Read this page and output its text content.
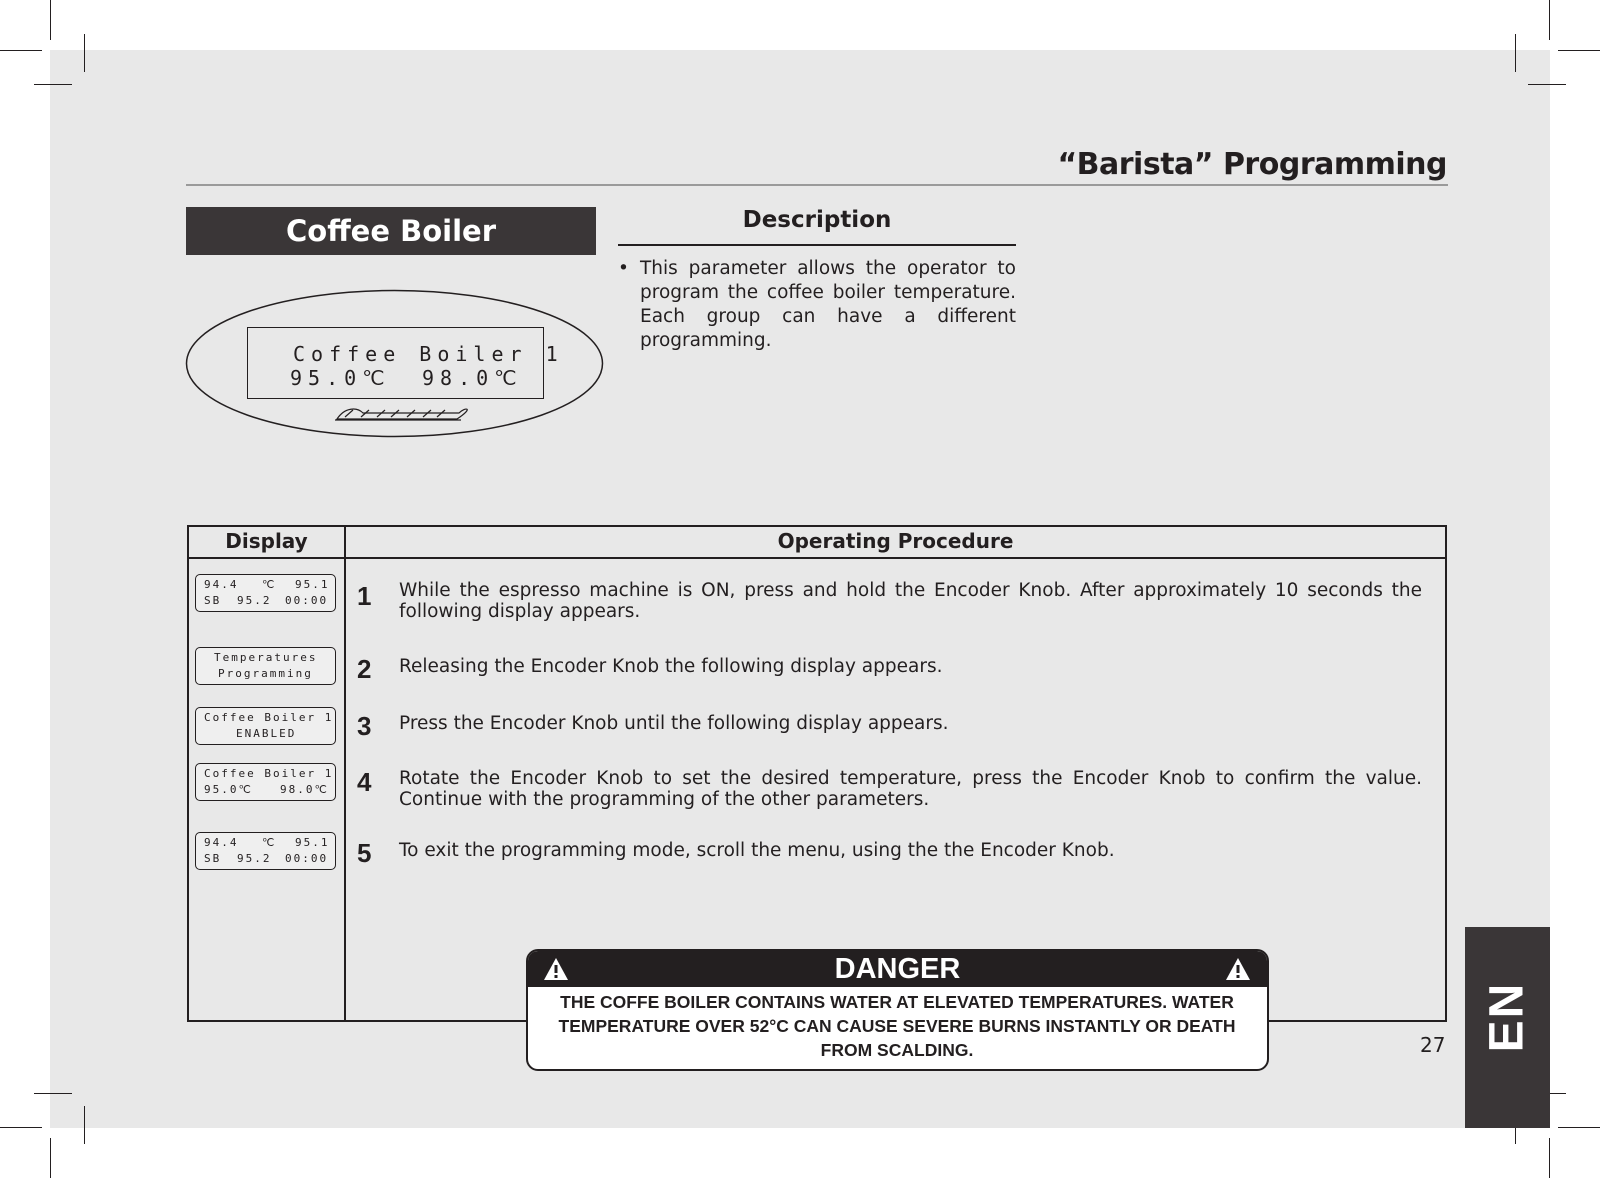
“Barista” Programming
Coffee Boiler
Coffee Boiler 1
95.0℃ 98.0℃
Description
• This parameter allows the operator to program the coffee boiler temperature. Each group can have a different programming.
Display	Operating Procedure
94.4 ℃ 95.1
SB 95.2 00:00 1 While the espresso machine is ON, press and hold the Encoder Knob. After approximately 10 seconds the following display appears.
Temperatures
Programming 2 Releasing the Encoder Knob the following display appears.
Coffee Boiler 1
ENABLED 3 Press the Encoder Knob until the following display appears.
Coffee Boiler 1
95.0℃ 98.0℃ 4 Rotate the Encoder Knob to set the desired temperature, press the Encoder Knob to confirm the value. Continue with the programming of the other parameters.
94.4 ℃ 95.1
SB 95.2 00:00 5 To exit the programming mode, scroll the menu, using the the Encoder Knob.
DANGER
THE COFFE BOILER CONTAINS WATER AT ELEVATED TEMPERATURES. WATER TEMPERATURE OVER 52°C CAN CAUSE SEVERE BURNS INSTANTLY OR DEATH FROM SCALDING.	27 EN
